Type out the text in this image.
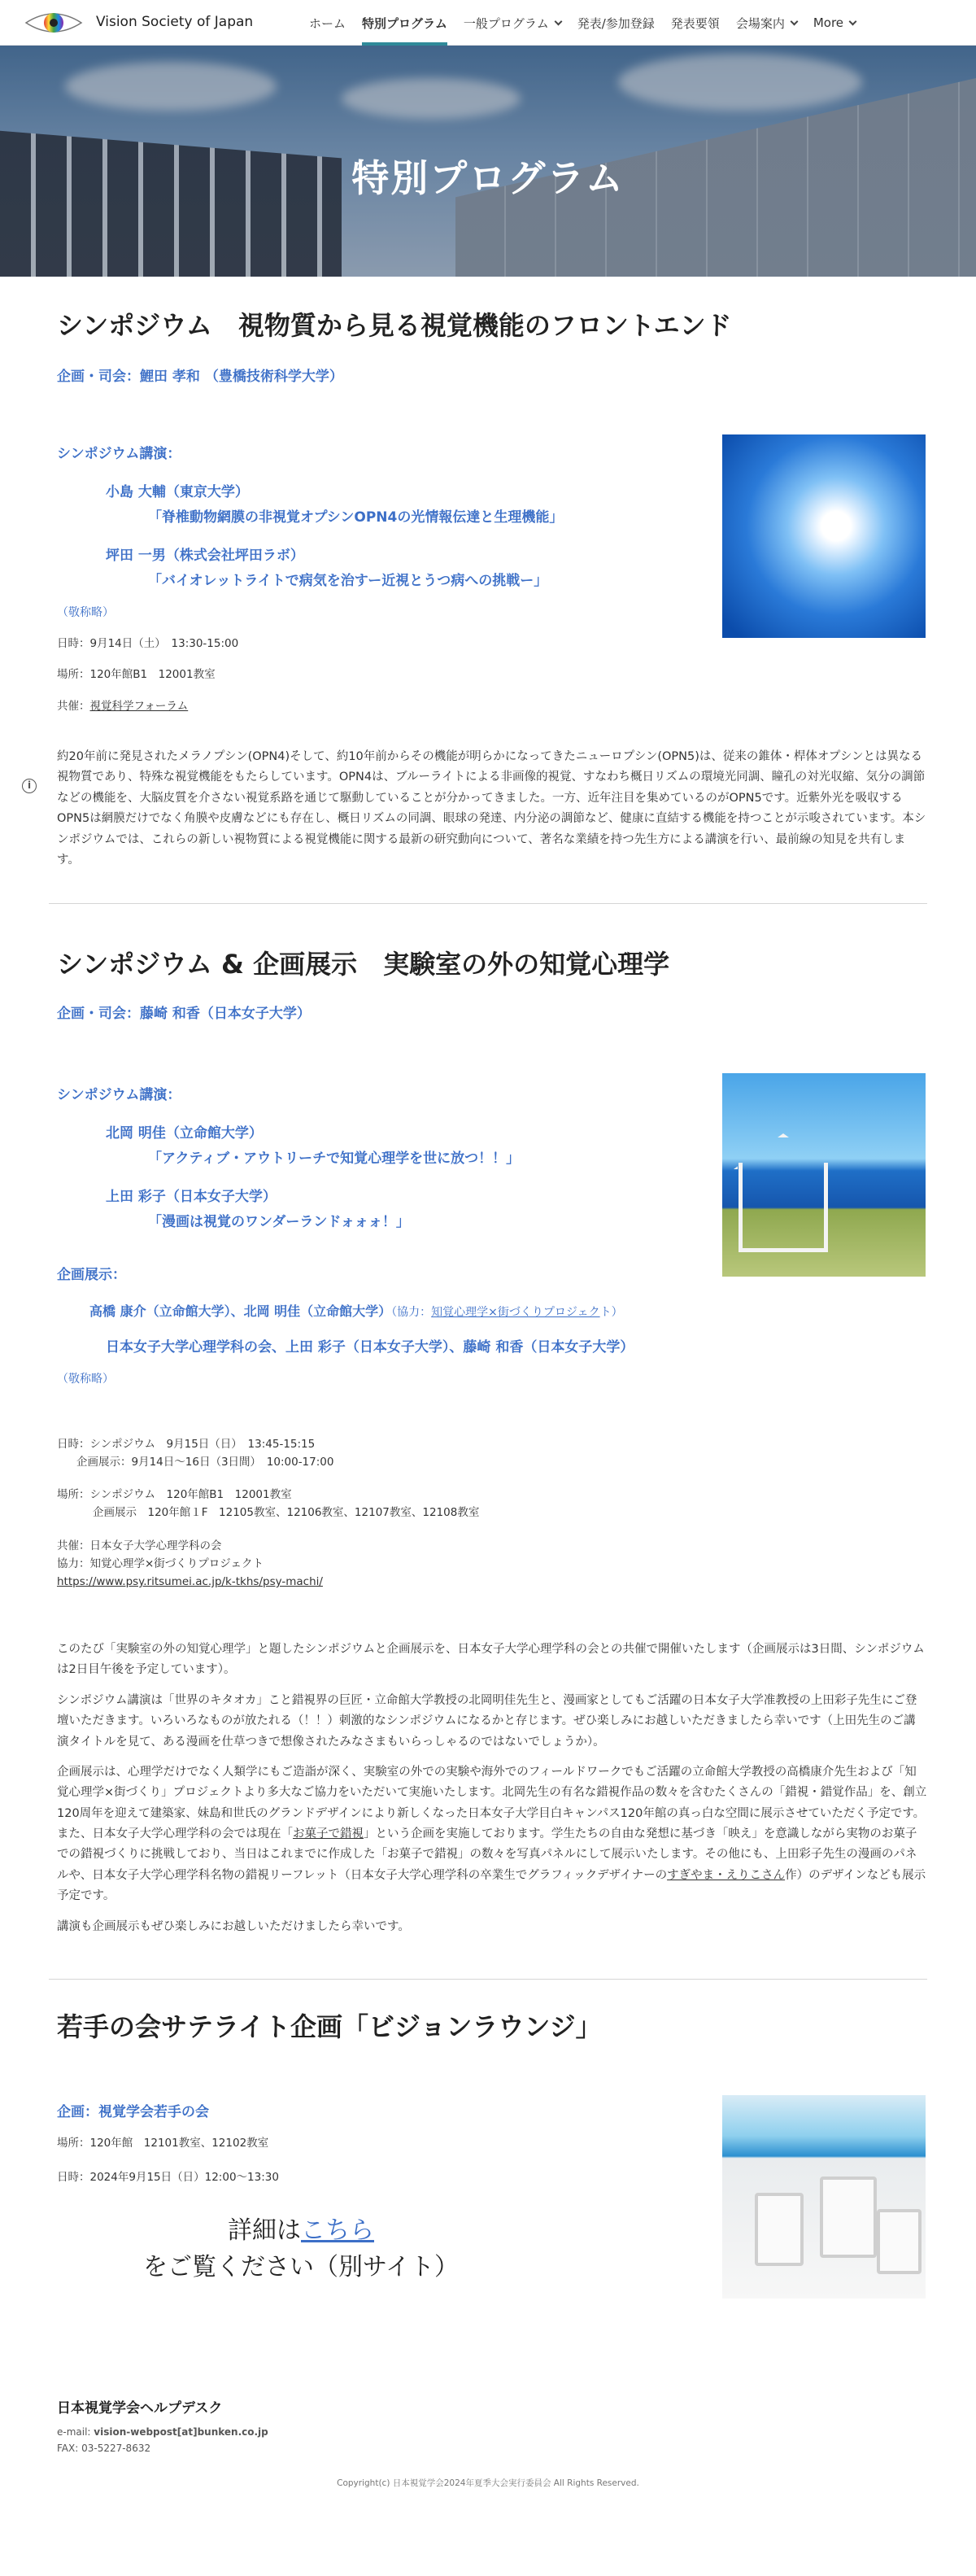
Vision Society of Japan	ホーム 特別プログラム 一般プログラム 発表/参加登録 発表要領 会場案内 More
特別プログラム
シンポジウム　視物質から見る視覚機能のフロントエンド
企画・司会：鯉田 孝和 （豊橋技術科学大学）
シンポジウム講演：
小島 大輔（東京大学）
「脊椎動物網膜の非視覚オプシンOPN4の光情報伝達と生理機能」
坪田 一男（株式会社坪田ラボ）
「バイオレットライトで病気を治すー近視とうつ病への挑戦ー」
（敬称略）
日時：9月14日（土）　13:30-15:00
場所：120年館B1　12001教室
共催：視覚科学フォーラム
i
約20年前に発見されたメラノプシン(OPN4)そして、約10年前からその機能が明らかになってきたニューロプシン(OPN5)は、従来の錐体・桿体オプシンとは異なる視物質であり、特殊な視覚機能をもたらしています。OPN4は、ブルーライトによる非画像的視覚、すなわち概日リズムの環境光同調、瞳孔の対光収縮、気分の調節などの機能を、大脳皮質を介さない視覚系路を通じて駆動していることが分かってきました。一方、近年注目を集めているのがOPN5です。近紫外光を吸収するOPN5は網膜だけでなく角膜や皮膚などにも存在し、概日リズムの同調、眼球の発達、内分泌の調節など、健康に直結する機能を持つことが示唆されています。本シンポジウムでは、これらの新しい視物質による視覚機能に関する最新の研究動向について、著名な業績を持つ先生方による講演を行い、最前線の知見を共有します。
シンポジウム & 企画展示　実験室の外の知覚心理学
企画・司会：藤崎 和香（日本女子大学）
シンポジウム講演：
北岡 明佳（立命館大学）
「アクティブ・アウトリーチで知覚心理学を世に放つ！！」
上田 彩子（日本女子大学）
「漫画は視覚のワンダーランドォォォ！」
企画展示：
高橋 康介（立命館大学）、北岡 明佳（立命館大学）（協力：知覚心理学×街づくりプロジェクト）
日本女子大学心理学科の会、上田 彩子（日本女子大学）、藤崎 和香（日本女子大学）
（敬称略）
日時：シンポジウム　9月15日（日）　13:45-15:15
企画展示：9月14日〜16日（3日間）　10:00-17:00
場所：シンポジウム　120年館B1　12001教室
企画展示　120年館１F　12105教室、12106教室、12107教室、12108教室
共催：日本女子大学心理学科の会
協力：知覚心理学×街づくりプロジェクト
https://www.psy.ritsumei.ac.jp/k-tkhs/psy-machi/
このたび「実験室の外の知覚心理学」と題したシンポジウムと企画展示を、日本女子大学心理学科の会との共催で開催いたします（企画展示は3日間、シンポジウムは2日目午後を予定しています）。
シンポジウム講演は「世界のキタオカ」こと錯視界の巨匠・立命館大学教授の北岡明佳先生と、漫画家としてもご活躍の日本女子大学准教授の上田彩子先生にご登壇いただきます。いろいろなものが放たれる（！！）刺激的なシンポジウムになるかと存じます。ぜひ楽しみにお越しいただきましたら幸いです（上田先生のご講演タイトルを見て、ある漫画を仕草つきで想像されたみなさまもいらっしゃるのではないでしょうか）。
企画展示は、心理学だけでなく人類学にもご造詣が深く、実験室の外での実験や海外でのフィールドワークでもご活躍の立命館大学教授の高橋康介先生および「知覚心理学×街づくり」プロジェクトより多大なご協力をいただいて実施いたします。北岡先生の有名な錯視作品の数々を含むたくさんの「錯視・錯覚作品」を、創立120周年を迎えて建築家、妹島和世氏のグランドデザインにより新しくなった日本女子大学目白キャンパス120年館の真っ白な空間に展示させていただく予定です。また、日本女子大学心理学科の会では現在「お菓子で錯視」という企画を実施しております。学生たちの自由な発想に基づき「映え」を意識しながら実物のお菓子での錯視づくりに挑戦しており、当日はこれまでに作成した「お菓子で錯視」の数々を写真パネルにして展示いたします。その他にも、上田彩子先生の漫画のパネルや、日本女子大学心理学科名物の錯視リーフレット（日本女子大学心理学科の卒業生でグラフィックデザイナーのすぎやま・えりこさん作）のデザインなども展示予定です。
講演も企画展示もぜひ楽しみにお越しいただけましたら幸いです。
若手の会サテライト企画「ビジョンラウンジ」
企画：視覚学会若手の会
場所：120年館　12101教室、12102教室
日時：2024年9月15日（日）12:00〜13:30
詳細はこちらをご覧ください（別サイト）
日本視覚学会ヘルプデスク
e-mail: vision-webpost[at]bunken.co.jp
FAX: 03-5227-8632
Copyright(c) 日本視覚学会2024年夏季大会実行委員会 All Rights Reserved.
